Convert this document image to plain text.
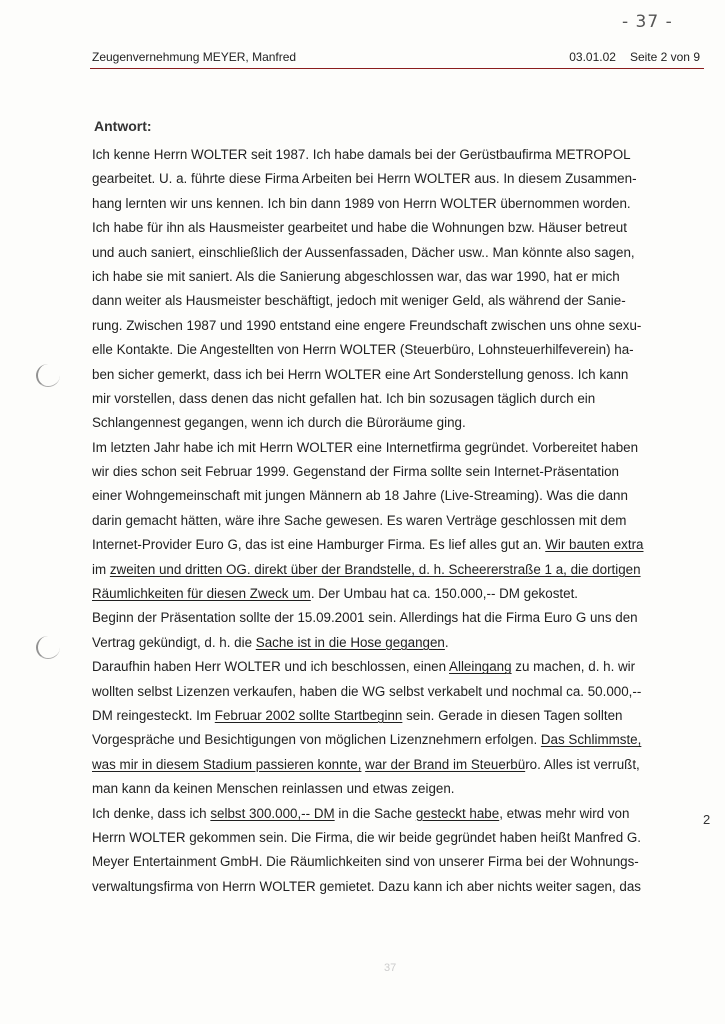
- 37 -
Zeugenvernehmung MEYER, Manfred	03.01.02 Seite 2 von 9
Antwort:
Ich kenne Herrn WOLTER seit 1987. Ich habe damals bei der Gerüstbaufirma METROPOL
gearbeitet. U. a. führte diese Firma Arbeiten bei Herrn WOLTER aus. In diesem Zusammen-
hang lernten wir uns kennen. Ich bin dann 1989 von Herrn WOLTER übernommen worden.
Ich habe für ihn als Hausmeister gearbeitet und habe die Wohnungen bzw. Häuser betreut
und auch saniert, einschließlich der Aussenfassaden, Dächer usw.. Man könnte also sagen,
ich habe sie mit saniert. Als die Sanierung abgeschlossen war, das war 1990, hat er mich
dann weiter als Hausmeister beschäftigt, jedoch mit weniger Geld, als während der Sanie-
rung. Zwischen 1987 und 1990 entstand eine engere Freundschaft zwischen uns ohne sexu-
elle Kontakte. Die Angestellten von Herrn WOLTER (Steuerbüro, Lohnsteuerhilfeverein) ha-
ben sicher gemerkt, dass ich bei Herrn WOLTER eine Art Sonderstellung genoss. Ich kann
mir vorstellen, dass denen das nicht gefallen hat. Ich bin sozusagen täglich durch ein
Schlangennest gegangen, wenn ich durch die Büroräume ging.
Im letzten Jahr habe ich mit Herrn WOLTER eine Internetfirma gegründet. Vorbereitet haben
wir dies schon seit Februar 1999. Gegenstand der Firma sollte sein Internet-Präsentation
einer Wohngemeinschaft mit jungen Männern ab 18 Jahre (Live-Streaming). Was die dann
darin gemacht hätten, wäre ihre Sache gewesen. Es waren Verträge geschlossen mit dem
Internet-Provider Euro G, das ist eine Hamburger Firma. Es lief alles gut an. Wir bauten extra
im zweiten und dritten OG. direkt über der Brandstelle, d. h. Scheererstraße 1 a, die dortigen
Räumlichkeiten für diesen Zweck um. Der Umbau hat ca. 150.000,-- DM gekostet.
Beginn der Präsentation sollte der 15.09.2001 sein. Allerdings hat die Firma Euro G uns den
Vertrag gekündigt, d. h. die Sache ist in die Hose gegangen.
Daraufhin haben Herr WOLTER und ich beschlossen, einen Alleingang zu machen, d. h. wir
wollten selbst Lizenzen verkaufen, haben die WG selbst verkabelt und nochmal ca. 50.000,--
DM reingesteckt. Im Februar 2002 sollte Startbeginn sein. Gerade in diesen Tagen sollten
Vorgespräche und Besichtigungen von möglichen Lizenznehmern erfolgen. Das Schlimmste,
was mir in diesem Stadium passieren konnte, war der Brand im Steuerbüro. Alles ist verrußt,
man kann da keinen Menschen reinlassen und etwas zeigen.
Ich denke, dass ich selbst 300.000,-- DM in die Sache gesteckt habe, etwas mehr wird von
Herrn WOLTER gekommen sein. Die Firma, die wir beide gegründet haben heißt Manfred G.
Meyer Entertainment GmbH. Die Räumlichkeiten sind von unserer Firma bei der Wohnungs-
verwaltungsfirma von Herrn WOLTER gemietet. Dazu kann ich aber nichts weiter sagen, das
2
37
